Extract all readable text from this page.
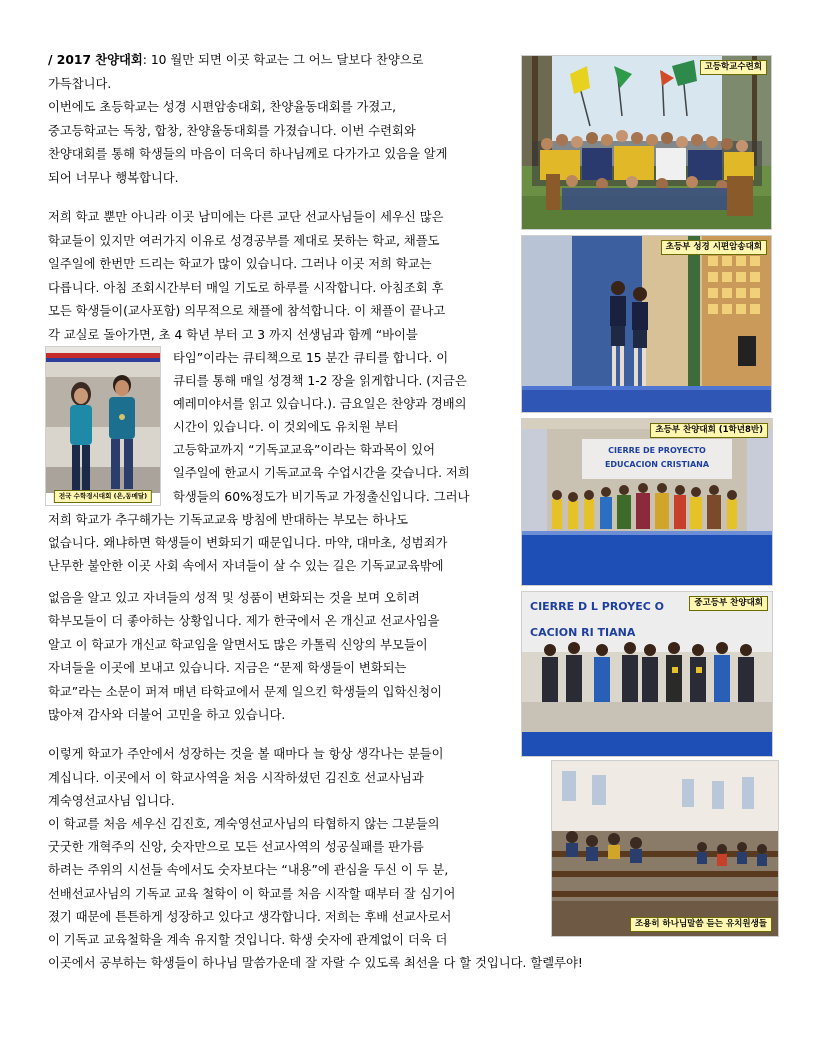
/ 2017 찬양대회: 10 월만 되면 이곳 학교는 그 어느 달보다 찬양으로
가득찹니다.
이번에도 초등학교는 성경 시편암송대회, 찬양율동대회를 가졌고,
중고등학교는 독창, 합창, 찬양율동대회를 가졌습니다. 이번 수련회와
찬양대회를 통해 학생들의 마음이 더욱더 하나님께로 다가가고 있음을 알게
되어 너무나 행복합니다.
저희 학교 뿐만 아니라 이곳 남미에는 다른 교단 선교사님들이 세우신 많은
학교들이 있지만 여러가지 이유로 성경공부를 제대로 못하는 학교, 채플도
일주일에 한번만 드리는 학교가 많이 있습니다. 그러나 이곳 저희 학교는
다릅니다. 아침 조회시간부터 매일 기도로 하루를 시작합니다. 아침조회 후
모든 학생들이(교사포함) 의무적으로 채플에 참석합니다. 이 채플이 끝나고
각 교실로 돌아가면, 초 4 학년 부터 고 3 까지 선생님과 함께 “바이블
타임”이라는 큐티책으로 15 분간 큐티를 합니다. 이
큐티를 통해 매일 성경책 1-2 장을 읽게합니다. (지금은
예레미야서를 읽고 있습니다.). 금요일은 찬양과 경배의
시간이 있습니다. 이 것외에도 유치원 부터
고등학교까지 “기독교교육”이라는 학과목이 있어
일주일에 한교시 기독교교육 수업시간을 갖습니다. 저희
학생들의 60%정도가 비기독교 가정출신입니다. 그러나
저희 학교가 추구해가는 기독교교육 방침에 반대하는 부모는 하나도
없습니다. 왜냐하면 학생들이 변화되기 때문입니다. 마약, 대마초, 성범죄가
난무한 불안한 이곳 사회 속에서 자녀들이 살 수 있는 길은 기독교교육밖에
없음을 알고 있고 자녀들의 성적 및 성품이 변화되는 것을 보며 오히려
학부모들이 더 좋아하는 상황입니다. 제가 한국에서 온 개신교 선교사임을
알고 이 학교가 개신교 학교임을 알면서도 많은 카톨릭 신앙의 부모들이
자녀들을 이곳에 보내고 있습니다. 지금은 “문제 학생들이 변화되는
학교”라는 소문이 퍼져 매년 타학교에서 문제 일으킨 학생들의 입학신청이
많아져 감사와 더불어 고민을 하고 있습니다.
이렇게 학교가 주안에서 성장하는 것을 볼 때마다 늘 항상 생각나는 분들이
계십니다. 이곳에서 이 학교사역을 처음 시작하셨던 김진호 선교사님과
계숙영선교사님 입니다.
이 학교를 처음 세우신 김진호, 계숙영선교사님의 타협하지 않는 그분들의
굿굿한 개혁주의 신앙, 숫자만으로 모든 선교사역의 성공실패를 판가름
하려는 주위의 시선들 속에서도 숫자보다는 “내용”에 관심을 두신 이 두 분,
선배선교사님의 기독교 교육 철학이 이 학교를 처음 시작할 때부터 잘 심기어
졌기 때문에 튼튼하게 성장하고 있다고 생각합니다. 저희는 후배 선교사로서
이 기독교 교육철학을 계속 유지할 것입니다. 학생 숫자에 관계없이 더욱 더
이곳에서 공부하는 학생들이 하나님 말씀가운데 잘 자랄 수 있도록 최선을 다 할 것입니다. 할렐루야!
전국 수학경시대회 (은,동메달)
고등학교수련회
초등부 성경 시편암송대회
CIERRE DE PROYECTO
EDUCACION CRISTIANA
초등부 찬양대회 (1학년8반)
CIERRE D L PROYEC O
CACION RI TIANA
중고등부 찬양대회
조용히 하나님말씀 듣는 유치원생들
